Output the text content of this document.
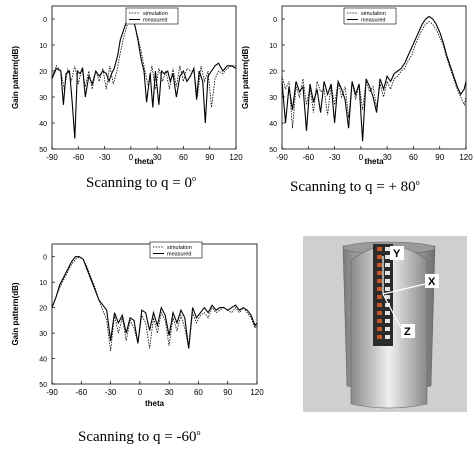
0
10
20
30
40
50
-90 -60 -30 0 30 60 90 120
theta
Gain pattern(dB)
simulation
measured
Scanning to $q = 0^o$
0
10
20
30
40
50
-90 -60 -30 0 30 60 90 120
theta
Gain pattern(dB)
simulation
measured
Scanning to q = + $80^o$
0
10
20
30
40
50
-90 -60 -30	0	30	60	90 120
theta
Gain pattern(dB)
simulation
measured
Scanning to $q = -60^o$
Y
X
Z
